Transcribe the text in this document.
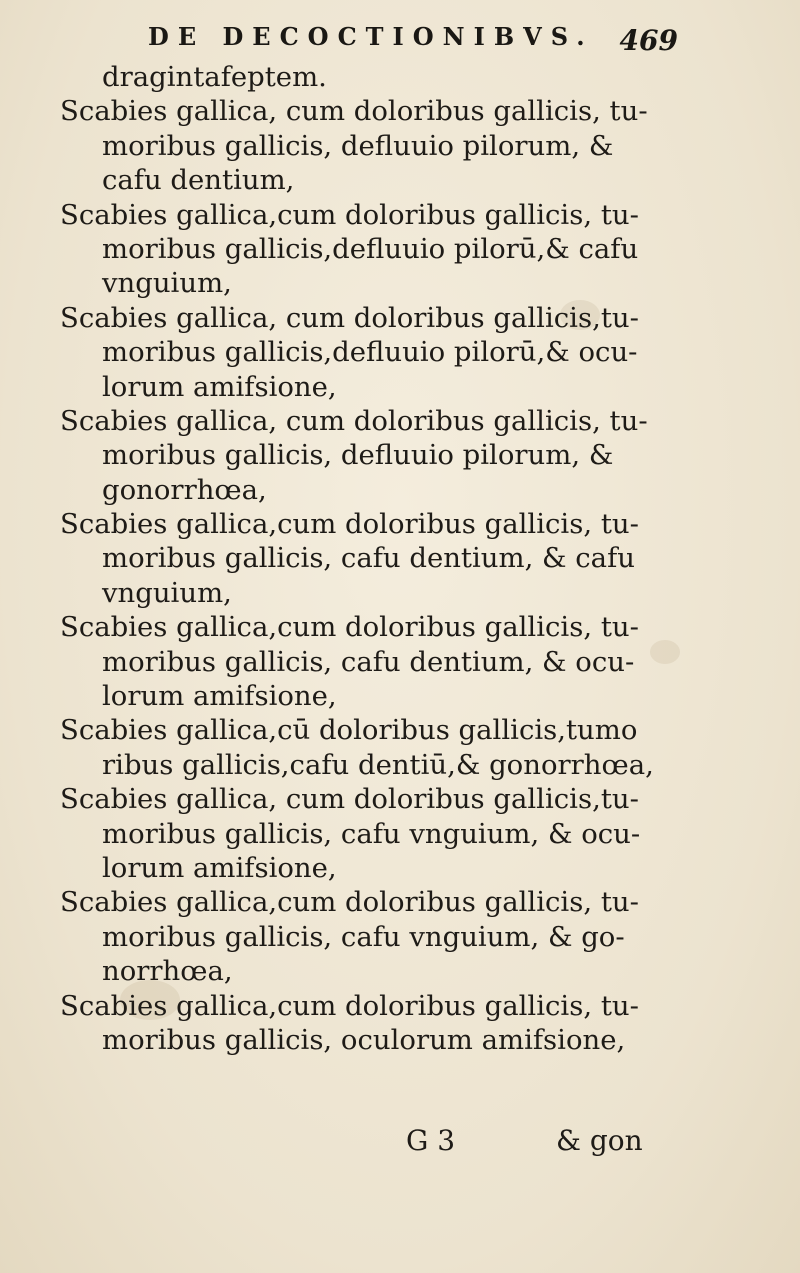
DE DECOCTIONIBVS. 469
dragintafeptem.
Scabies gallica, cum doloribus gallicis, tu-
moribus gallicis, defluuio pilorum, &
cafu dentium,
Scabies gallica,cum doloribus gallicis, tu-
moribus gallicis,defluuio pilorū,& cafu
vnguium,
Scabies gallica, cum doloribus gallicis,tu-
moribus gallicis,defluuio pilorū,& ocu-
lorum amifsione,
Scabies gallica, cum doloribus gallicis, tu-
moribus gallicis, defluuio pilorum, &
gonorrhœa,
Scabies gallica,cum doloribus gallicis, tu-
moribus gallicis, cafu dentium, & cafu
vnguium,
Scabies gallica,cum doloribus gallicis, tu-
moribus gallicis, cafu dentium, & ocu-
lorum amifsione,
Scabies gallica,cū doloribus gallicis,tumo
ribus gallicis,cafu dentiū,& gonorrhœa,
Scabies gallica, cum doloribus gallicis,tu-
moribus gallicis, cafu vnguium, & ocu-
lorum amifsione,
Scabies gallica,cum doloribus gallicis, tu-
moribus gallicis, cafu vnguium, & go-
norrhœa,
Scabies gallica,cum doloribus gallicis, tu-
moribus gallicis, oculorum amifsione,
G 3	& gon
